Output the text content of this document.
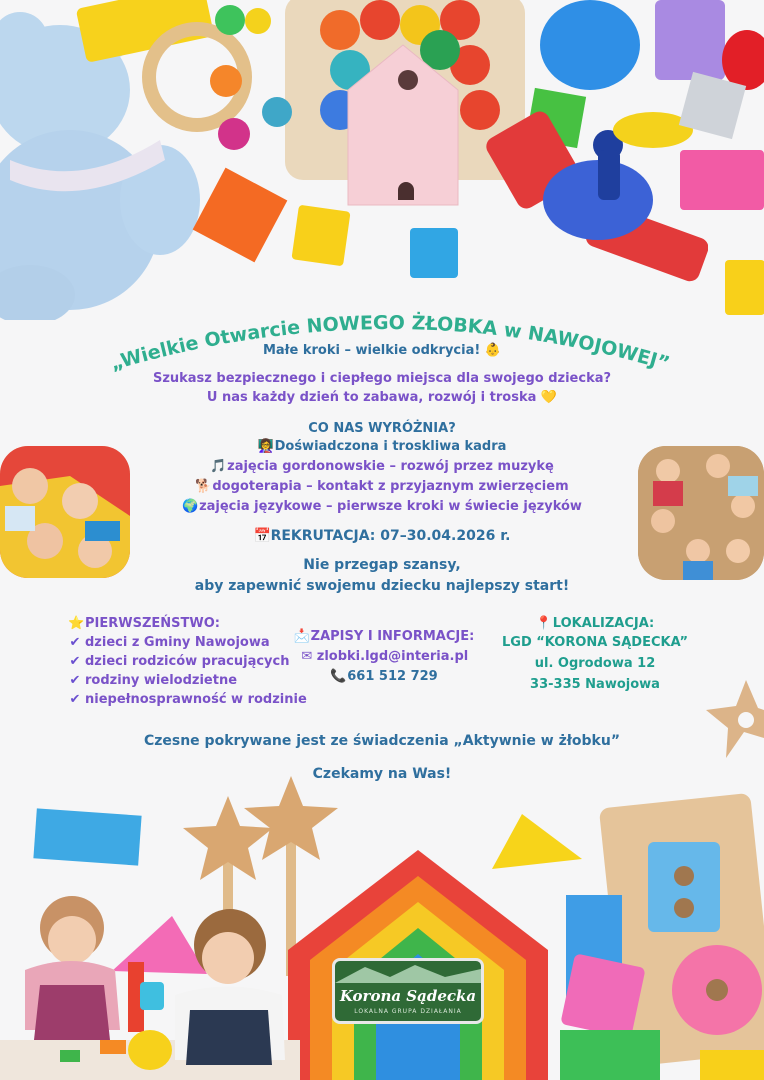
„Wielkie Otwarcie NOWEGO ŻŁOBKA w NAWOJOWEJ”
Małe kroki – wielkie odkrycia! 👶
Szukasz bezpiecznego i ciepłego miejsca dla swojego dziecka?
U nas każdy dzień to zabawa, rozwój i troska 💛
CO NAS WYRÓŻNIA?
👩‍🏫Doświadczona i troskliwa kadra
🎵zajęcia gordonowskie – rozwój przez muzykę
🐕dogoterapia – kontakt z przyjaznym zwierzęciem
🌍zajęcia językowe – pierwsze kroki w świecie języków
📅REKRUTACJA: 07–30.04.2026 r.
Nie przegap szansy,
aby zapewnić swojemu dziecku najlepszy start!
⭐PIERWSZEŃSTWO:
✔ dzieci z Gminy Nawojowa
✔ dzieci rodziców pracujących
✔ rodziny wielodzietne
✔ niepełnosprawność w rodzinie
📩ZAPISY I INFORMACJE:
✉ zlobki.lgd@interia.pl
📞661 512 729
📍LOKALIZACJA:
LGD “KORONA SĄDECKA”
ul. Ogrodowa 12
33-335 Nawojowa
Czesne pokrywane jest ze świadczenia „Aktywnie w żłobku”
Czekamy na Was!
Korona Sądecka
LOKALNA GRUPA DZIAŁANIA
